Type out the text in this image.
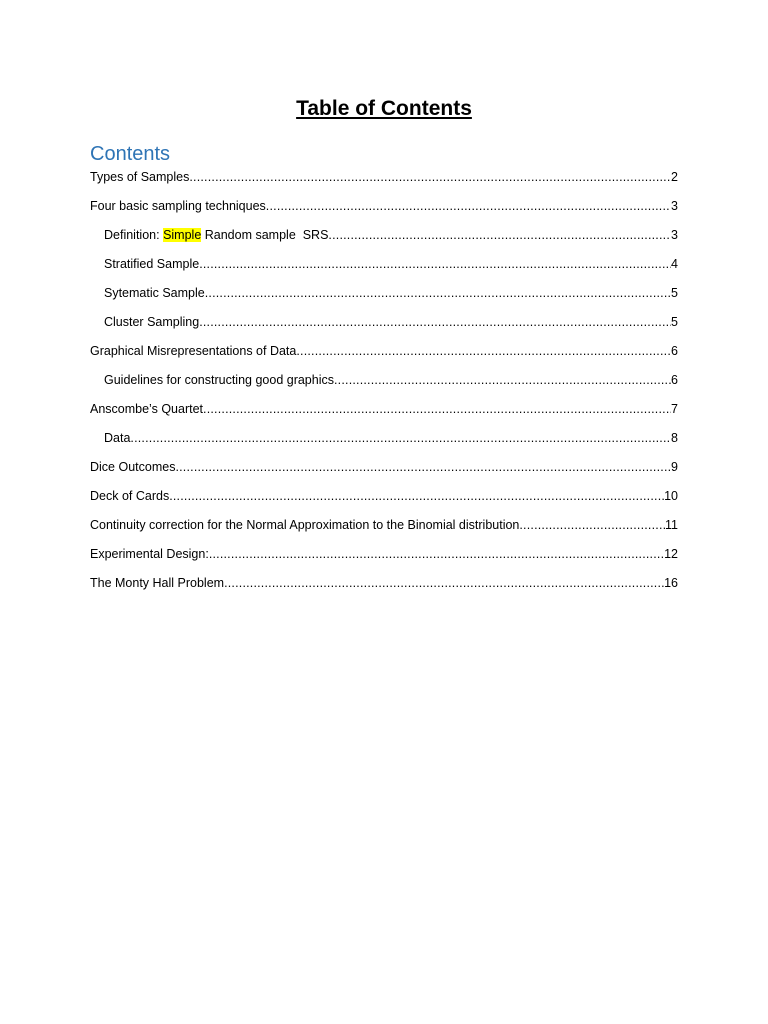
Table of Contents
Contents
Types of Samples .....	2
Four basic sampling techniques .....	3
Definition: Simple Random sample  SRS .....	3
Stratified Sample .....	4
Sytematic Sample .....	5
Cluster Sampling .....	5
Graphical Misrepresentations of Data .....	6
Guidelines for constructing good graphics .....	6
Anscombe’s Quartet .....	7
Data .....	8
Dice Outcomes .....	9
Deck of Cards .....	10
Continuity correction for the Normal Approximation to the Binomial distribution .....	11
Experimental Design: .....	12
The Monty Hall Problem .....	16
